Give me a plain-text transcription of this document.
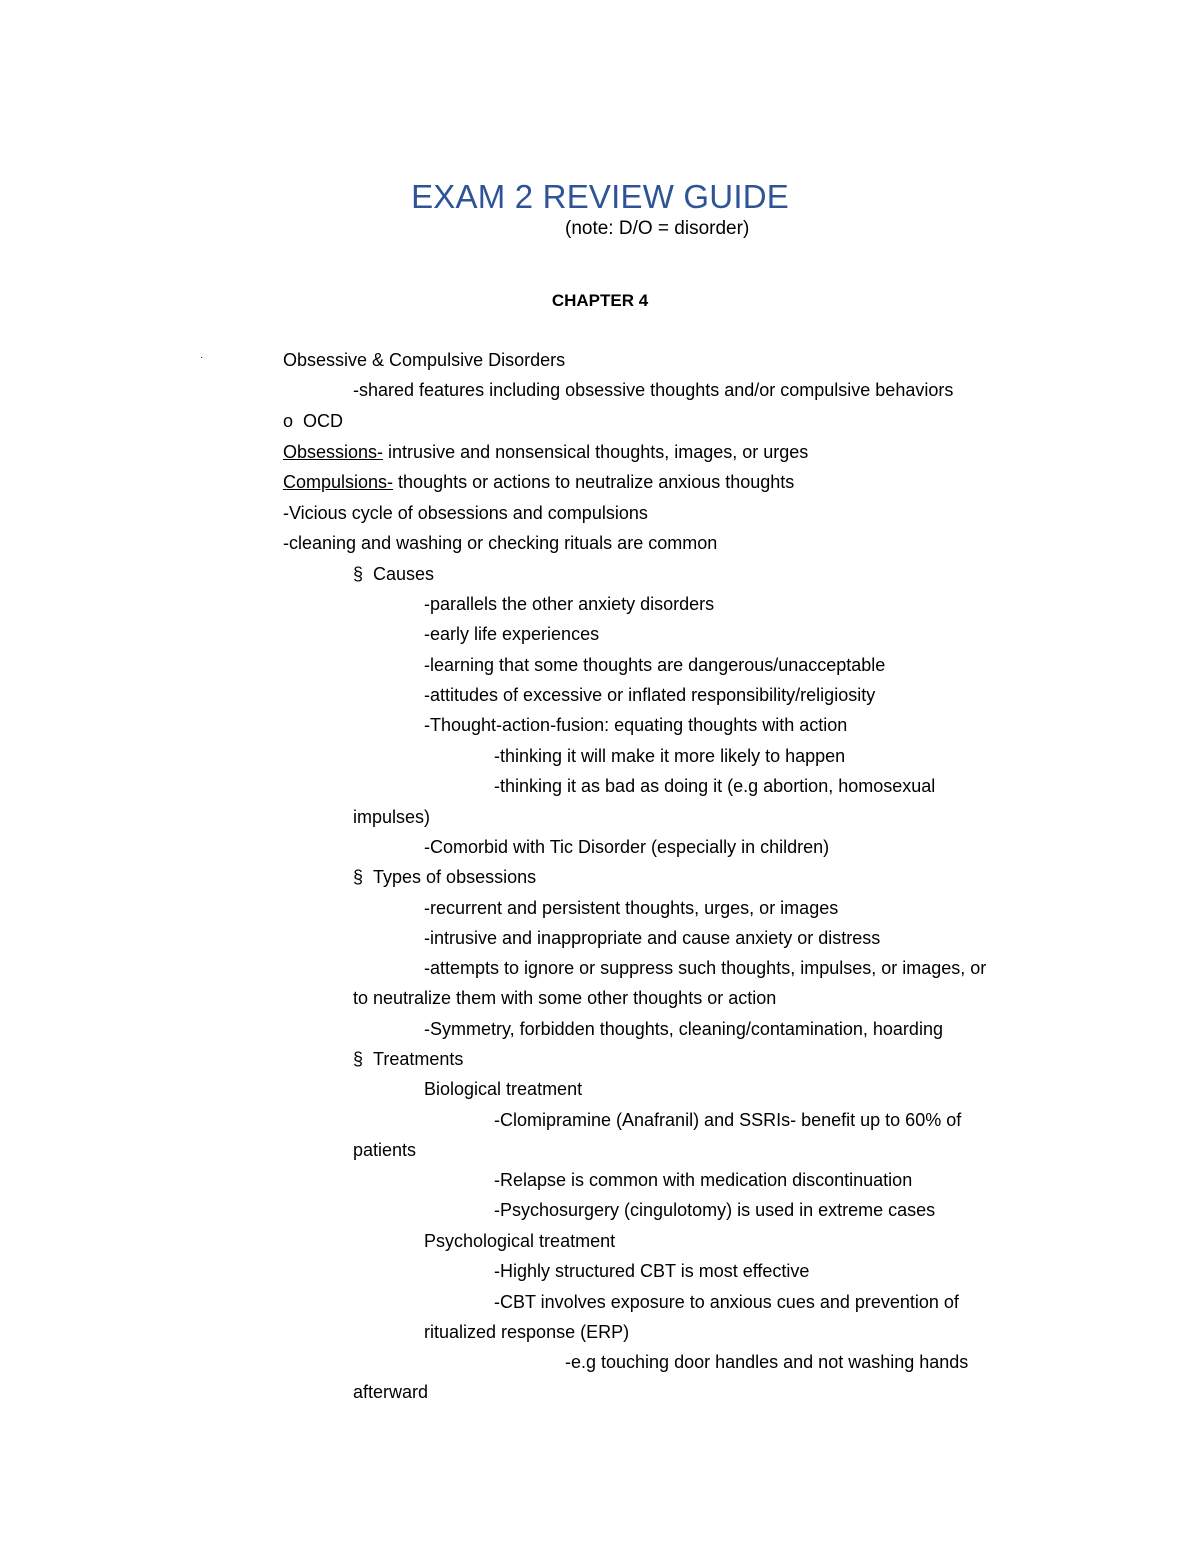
EXAM 2 REVIEW GUIDE
(note: D/O = disorder)
CHAPTER 4
·	Obsessive & Compulsive Disorders
-shared features including obsessive thoughts and/or compulsive behaviors
o OCD
Obsessions- intrusive and nonsensical thoughts, images, or urges
Compulsions- thoughts or actions to neutralize anxious thoughts
-Vicious cycle of obsessions and compulsions
-cleaning and washing or checking rituals are common
§ Causes
-parallels the other anxiety disorders
-early life experiences
-learning that some thoughts are dangerous/unacceptable
-attitudes of excessive or inflated responsibility/religiosity
-Thought-action-fusion: equating thoughts with action
-thinking it will make it more likely to happen
-thinking it as bad as doing it (e.g abortion, homosexual
impulses)
-Comorbid with Tic Disorder (especially in children)
§ Types of obsessions
-recurrent and persistent thoughts, urges, or images
-intrusive and inappropriate and cause anxiety or distress
-attempts to ignore or suppress such thoughts, impulses, or images, or
to neutralize them with some other thoughts or action
-Symmetry, forbidden thoughts, cleaning/contamination, hoarding
§ Treatments
Biological treatment
-Clomipramine (Anafranil) and SSRIs- benefit up to 60% of
patients
-Relapse is common with medication discontinuation
-Psychosurgery (cingulotomy) is used in extreme cases
Psychological treatment
-Highly structured CBT is most effective
-CBT involves exposure to anxious cues and prevention of
ritualized response (ERP)
-e.g touching door handles and not washing hands
afterward
